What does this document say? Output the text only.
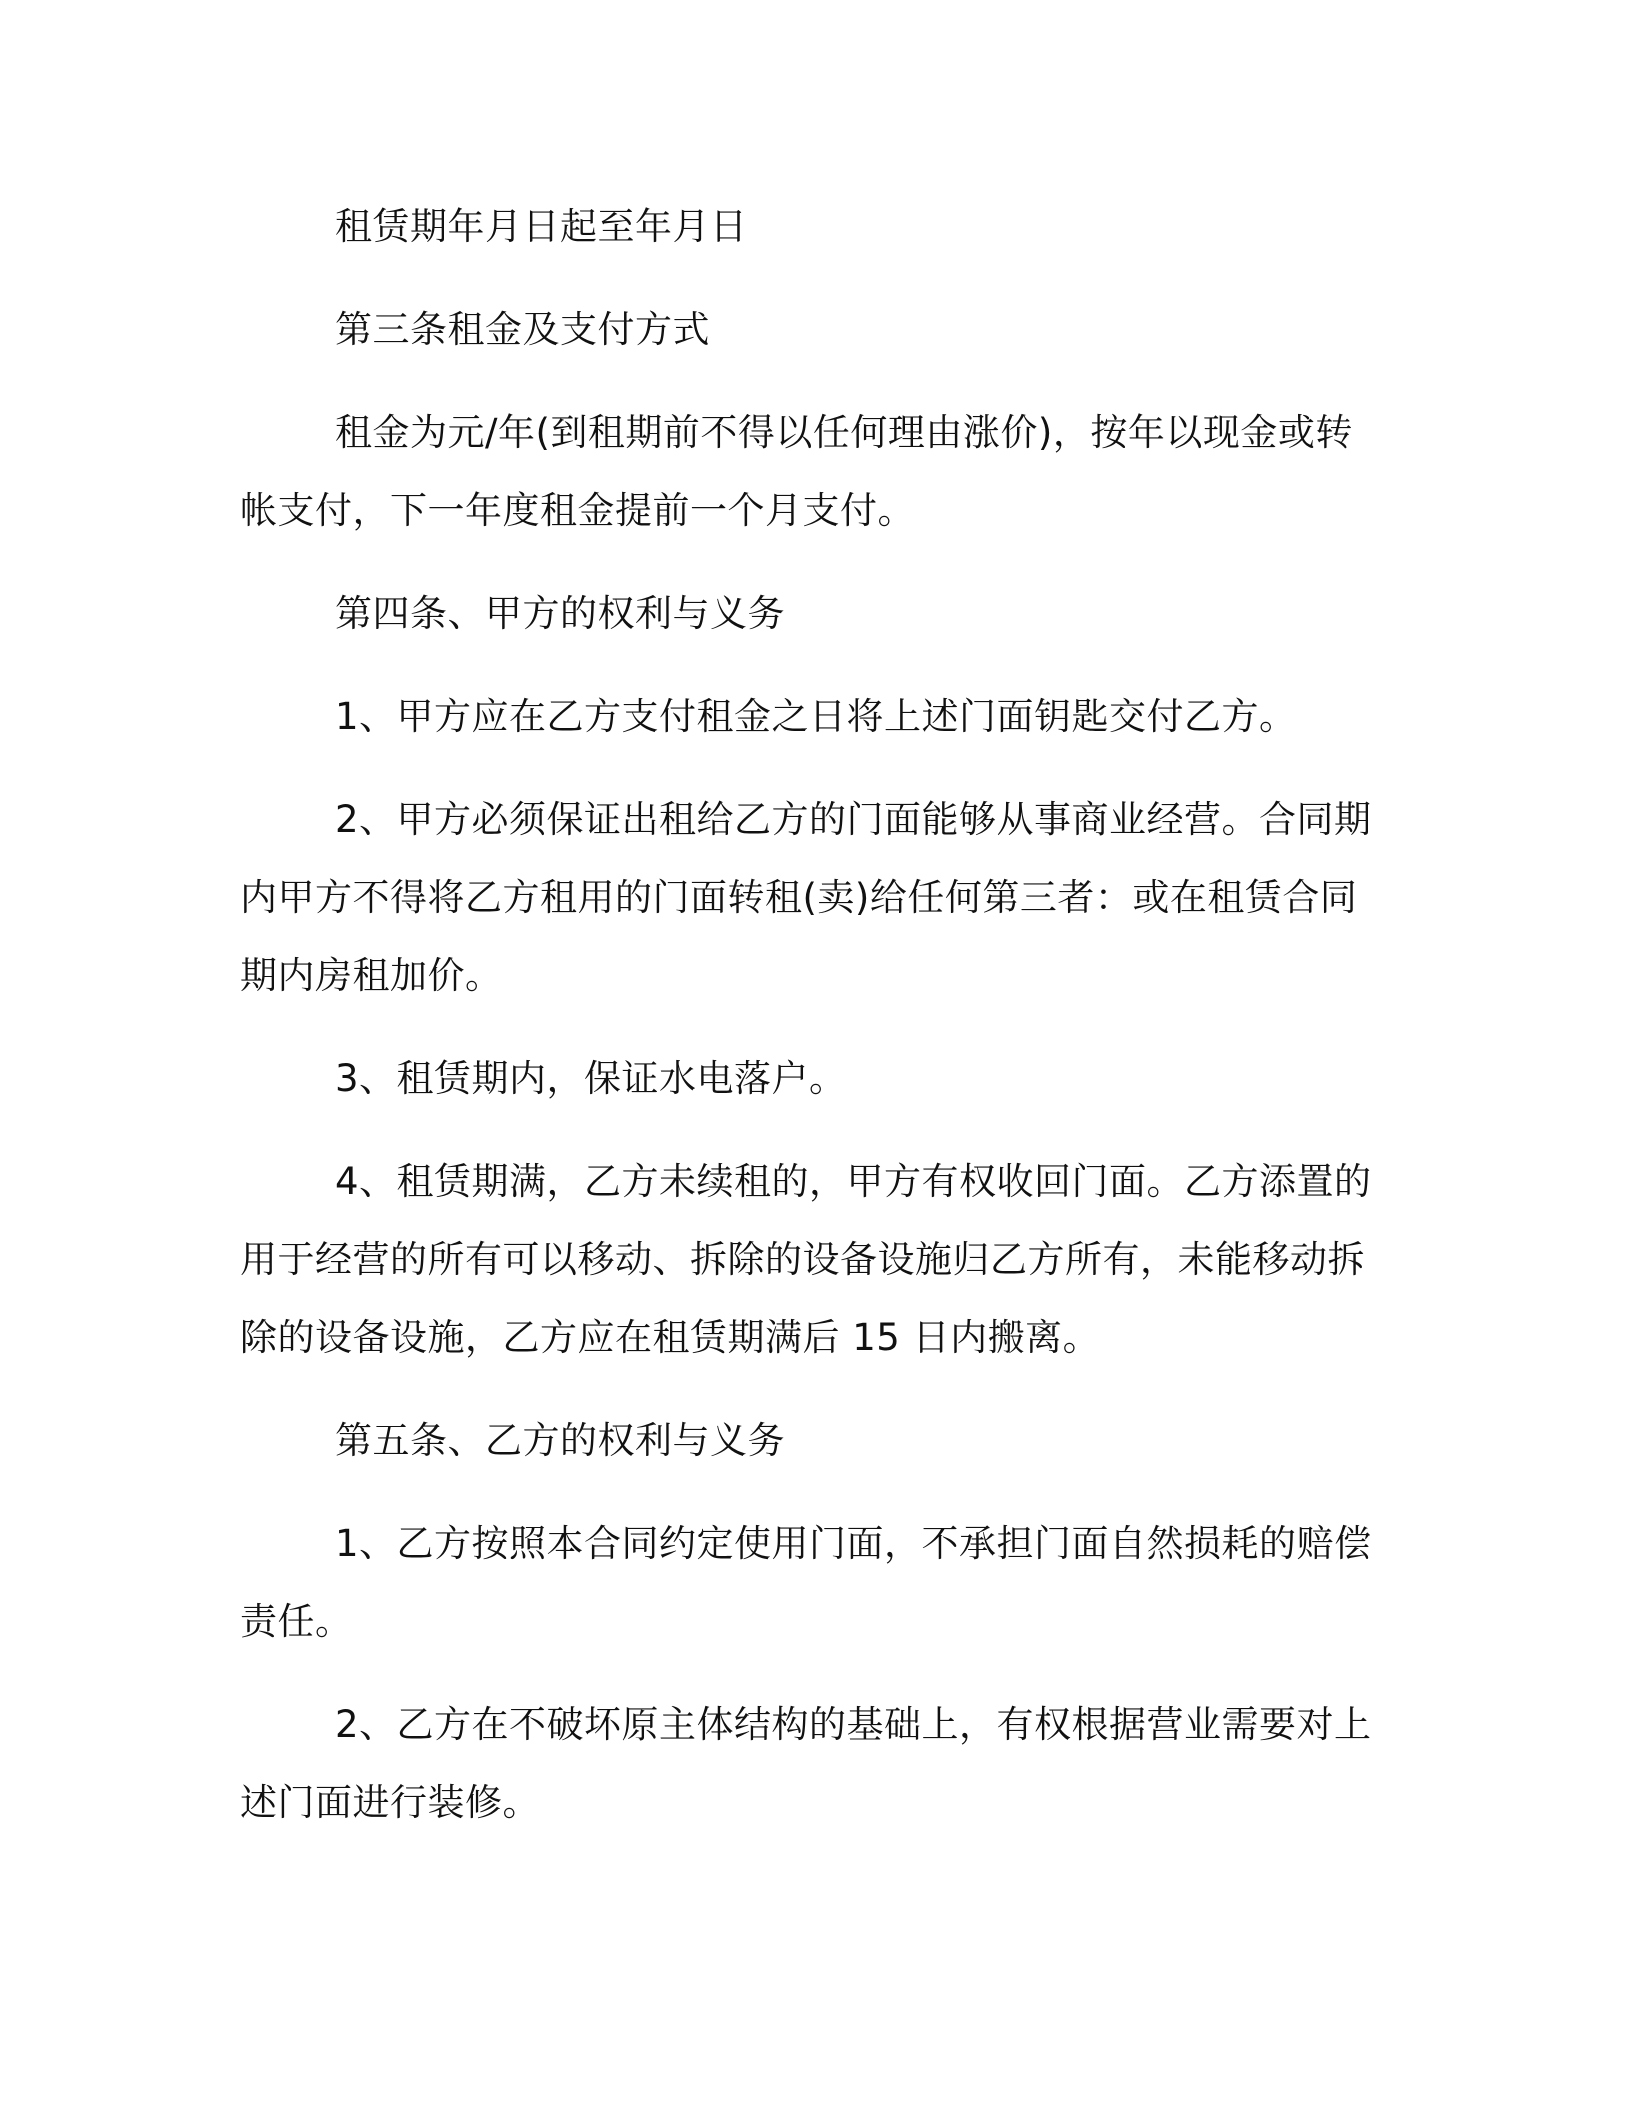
租赁期年月日起至年月日

第三条租金及支付方式

租金为元/年(到租期前不得以任何理由涨价)，按年以现金或转帐支付，下一年度租金提前一个月支付。

第四条、甲方的权利与义务

1、甲方应在乙方支付租金之日将上述门面钥匙交付乙方。

2、甲方必须保证出租给乙方的门面能够从事商业经营。合同期内甲方不得将乙方租用的门面转租(卖)给任何第三者：或在租赁合同期内房租加价。

3、租赁期内，保证水电落户。

4、租赁期满，乙方未续租的，甲方有权收回门面。乙方添置的用于经营的所有可以移动、拆除的设备设施归乙方所有，未能移动拆除的设备设施，乙方应在租赁期满后 15 日内搬离。

第五条、乙方的权利与义务

1、乙方按照本合同约定使用门面，不承担门面自然损耗的赔偿责任。

2、乙方在不破坏原主体结构的基础上，有权根据营业需要对上述门面进行装修。
